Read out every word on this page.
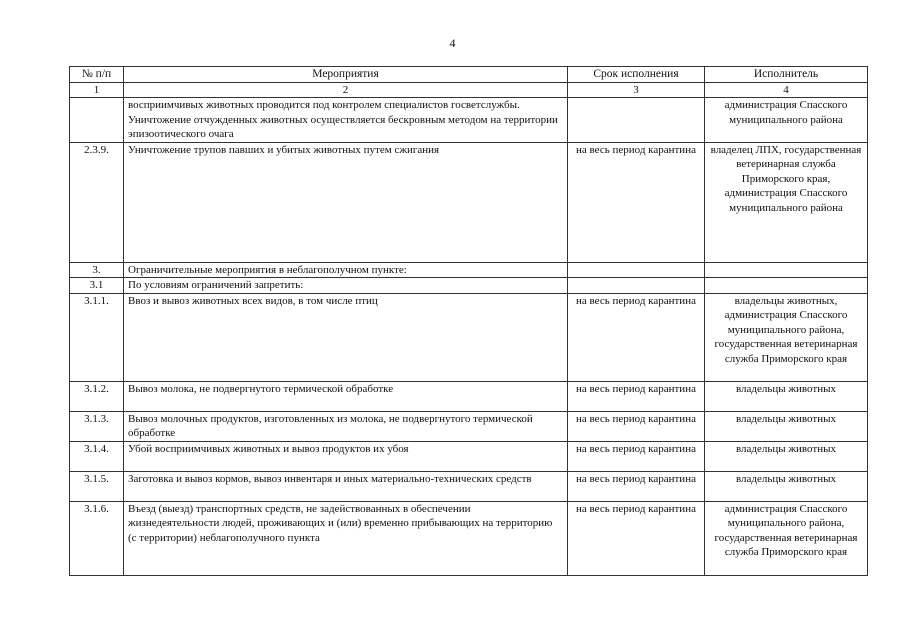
4
№ п/п	Мероприятия	Срок исполнения	Исполнитель
1	2	3	4
	восприимчивых животных проводится под контролем специалистов госветслужбы. Уничтожение отчужденных животных осуществляется бескровным методом на территории эпизоотического очага		администрация Спасского муниципального района
2.3.9.	Уничтожение трупов павших и убитых животных путем сжигания	на весь период карантина	владелец ЛПХ, государственная ветеринарная служба Приморского края, администрация Спасского муниципального района
3.	Ограничительные мероприятия в неблагополучном пункте:		
3.1	По условиям ограничений запретить:		
3.1.1.	Ввоз и вывоз животных всех видов, в том числе птиц	на весь период карантина	владельцы животных, администрация Спасского муниципального района, государственная ветеринарная служба Приморского края
3.1.2.	Вывоз молока, не подвергнутого термической обработке	на весь период карантина	владельцы животных
3.1.3.	Вывоз молочных продуктов, изготовленных из молока, не подвергнутого термической обработке	на весь период карантина	владельцы животных
3.1.4.	Убой восприимчивых животных и вывоз продуктов их убоя	на весь период карантина	владельцы животных
3.1.5.	Заготовка и вывоз кормов, вывоз инвентаря и иных материально-технических средств	на весь период карантина	владельцы животных
3.1.6.	Въезд (выезд) транспортных средств, не задействованных в обеспечении жизнедеятельности людей, проживающих и (или) временно прибывающих на территорию (с территории) неблагополучного пункта	на весь период карантина	администрация Спасского муниципального района, государственная ветеринарная служба Приморского края
